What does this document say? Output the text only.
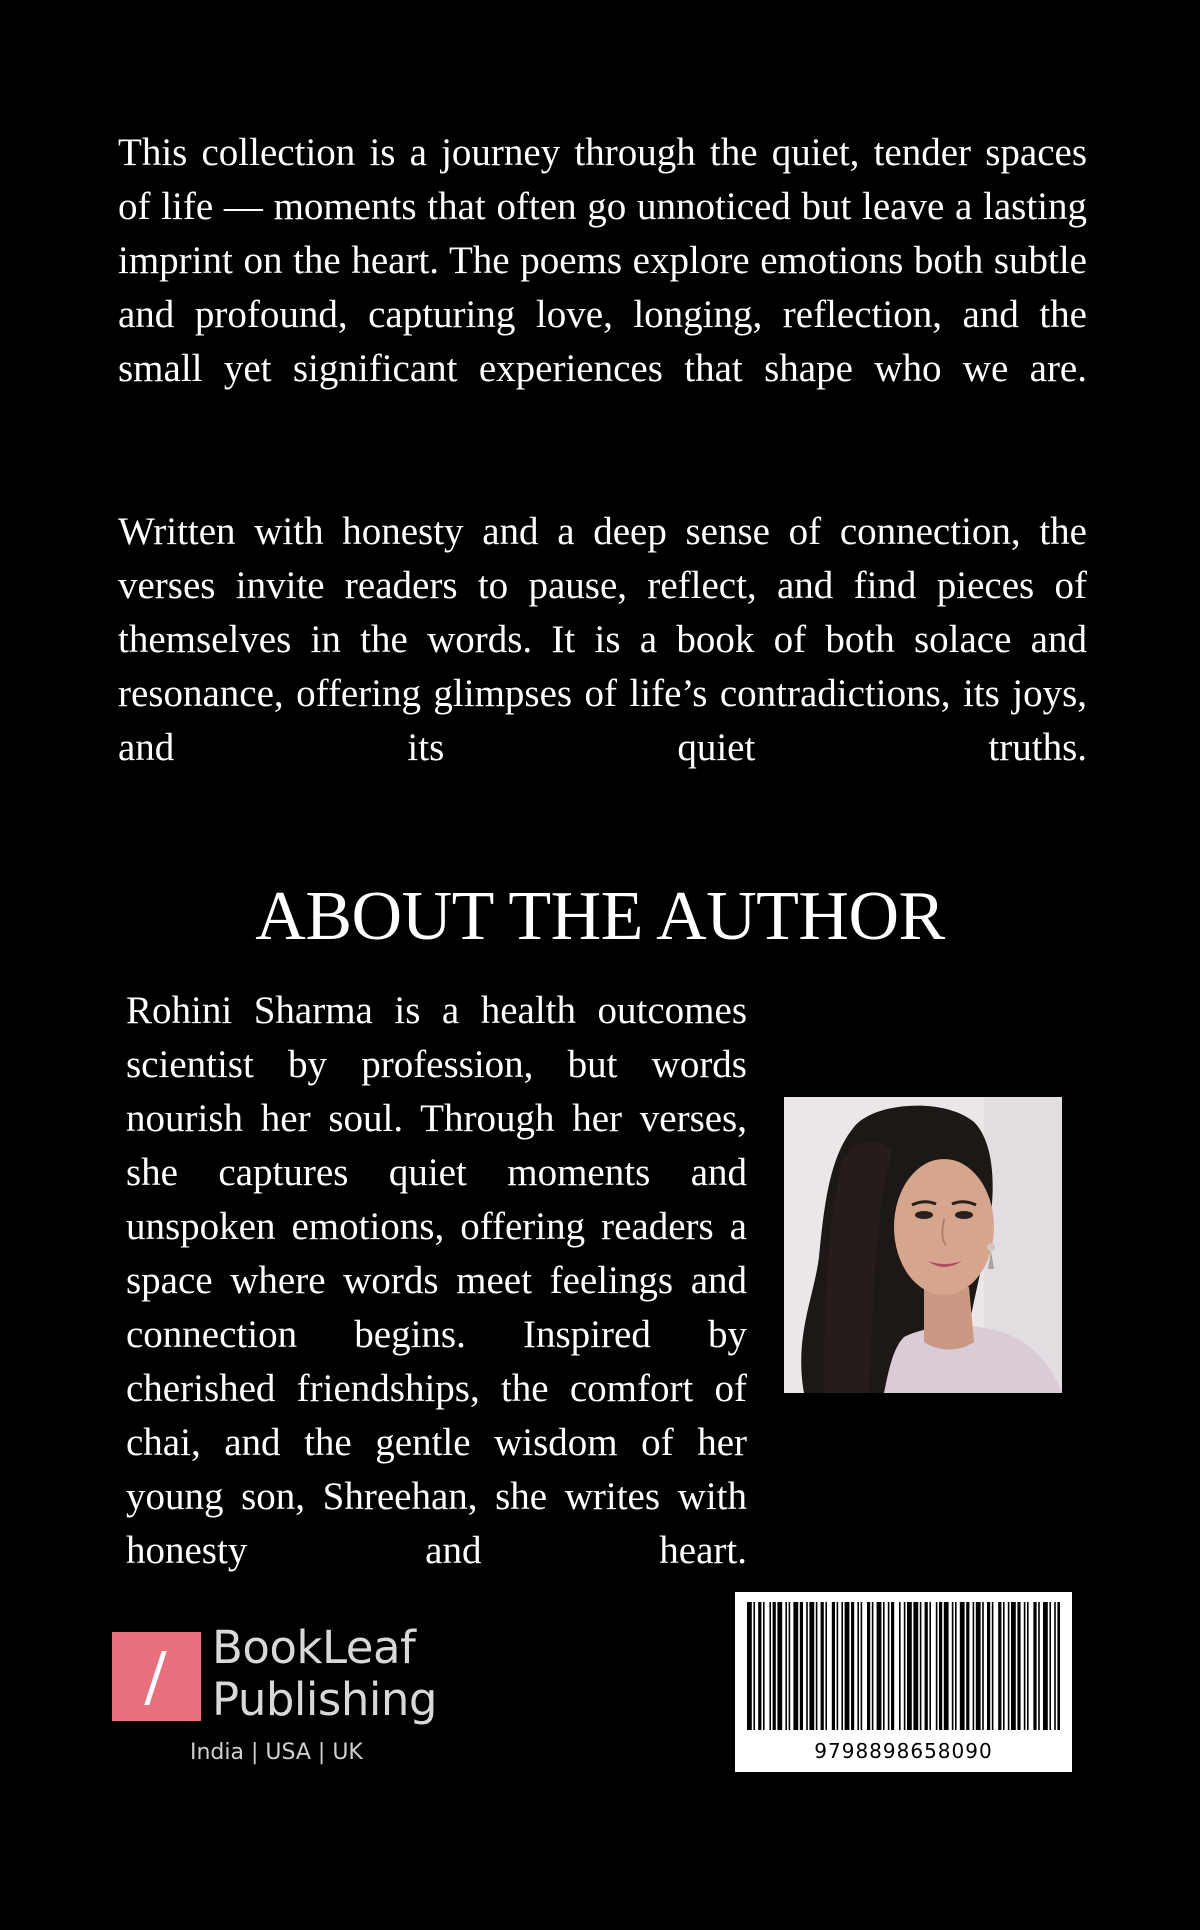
This collection is a journey through the quiet, tender spaces of life — moments that often go unnoticed but leave a lasting imprint on the heart. The poems explore emotions both subtle and profound, capturing love, longing, reflection, and the small yet significant experiences that shape who we are.

Written with honesty and a deep sense of connection, the verses invite readers to pause, reflect, and find pieces of themselves in the words. It is a book of both solace and resonance, offering glimpses of life’s contradictions, its joys, and its quiet truths.

ABOUT THE AUTHOR

Rohini Sharma is a health outcomes scientist by profession, but words nourish her soul. Through her verses, she captures quiet moments and unspoken emotions, offering readers a space where words meet feelings and connection begins. Inspired by cherished friendships, the comfort of chai, and the gentle wisdom of her young son, Shreehan, she writes with honesty and heart.

BookLeaf
Publishing
India | USA | UK	9798898658090
